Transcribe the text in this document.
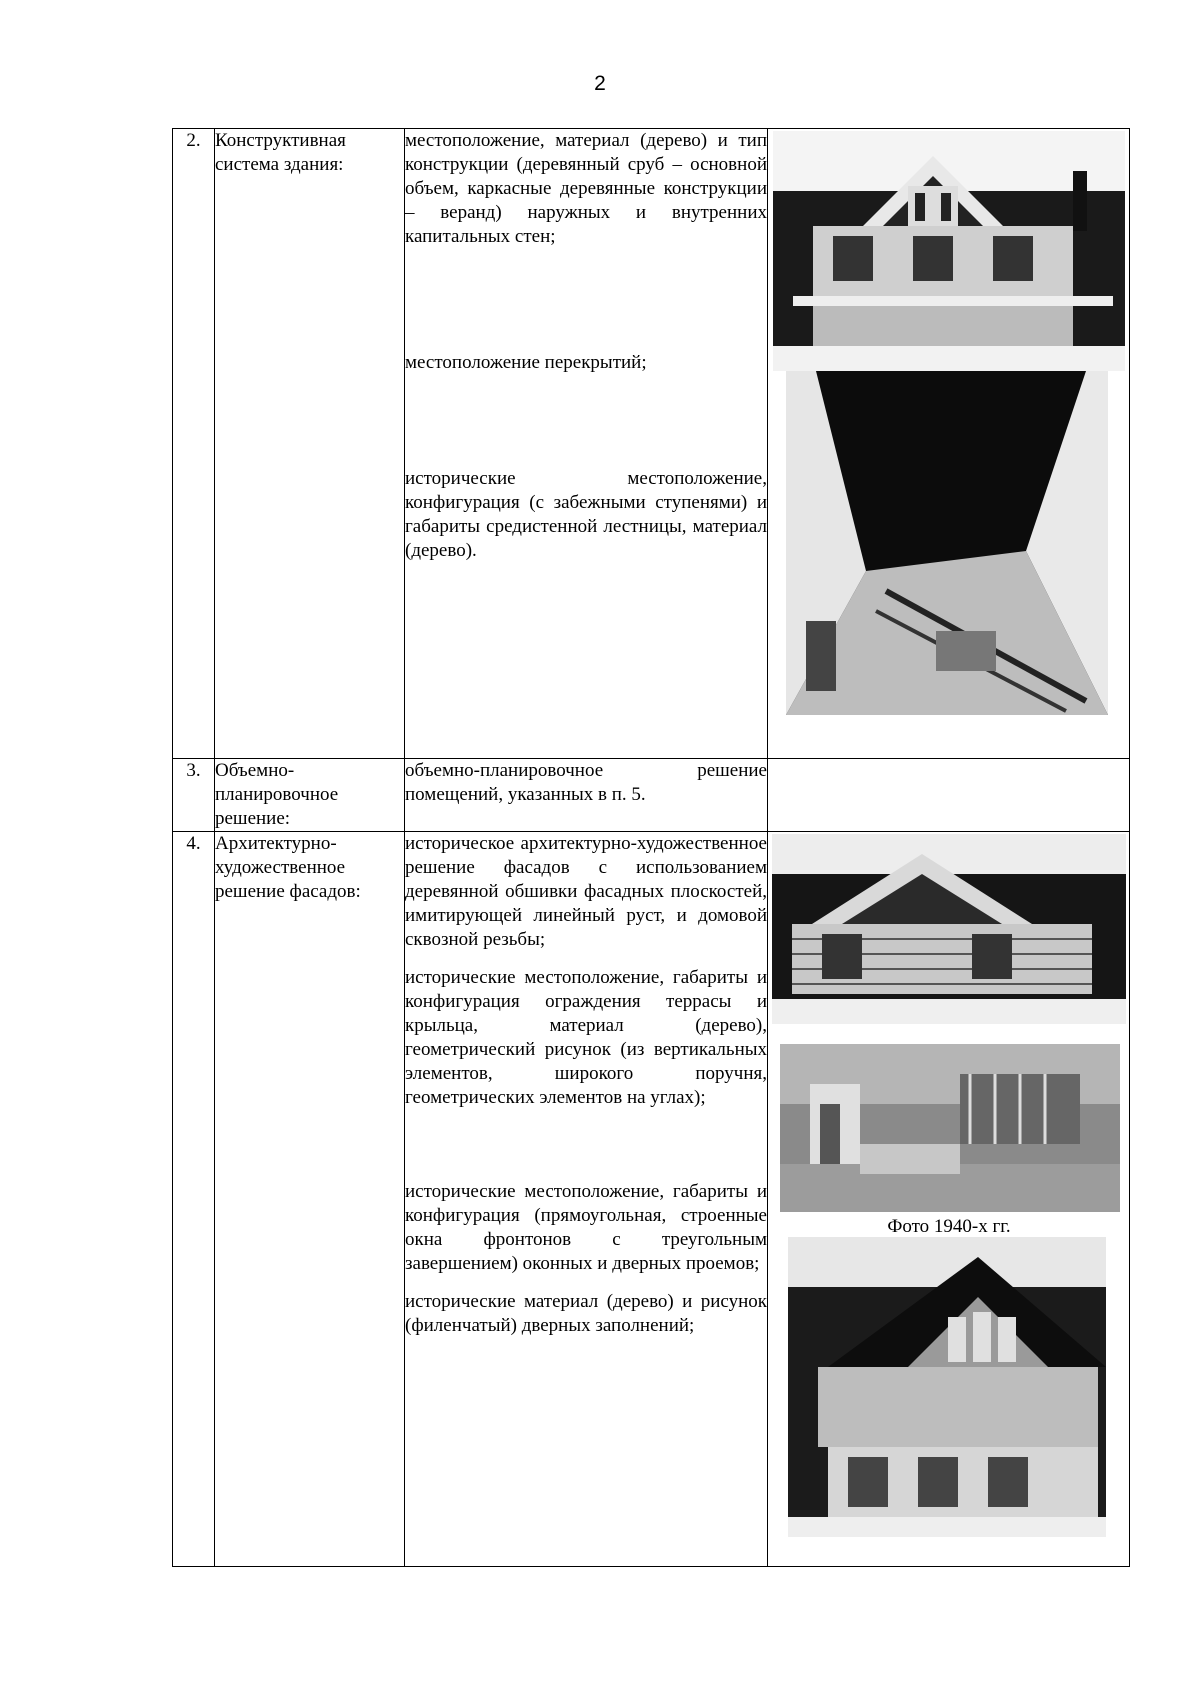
2
2.	Конструктивная система здания:	местоположение, материал (дерево) и тип конструкции (деревянный сруб – основной объем, каркасные деревянные конструкции – веранд) наружных и внутренних капитальных стен;
местоположение перекрытий;
исторические местоположение, конфигурация (с забежными ступенями) и габариты средистенной лестницы, материал (дерево).

3.	Объемно-планировочное решение:	объемно-планировочное решение помещений, указанных в п. 5.	

4.	Архитектурно-художественное решение фасадов:	историческое архитектурно-художественное решение фасадов с использованием деревянной обшивки фасадных плоскостей, имитирующей линейный руст, и домовой сквозной резьбы;
исторические местоположение, габариты и конфигурация ограждения террасы и крыльца, материал (дерево), геометрический рисунок (из вертикальных элементов, широкого поручня, геометрических элементов на углах);
исторические местоположение, габариты и конфигурация (прямоугольная, строенные окна фронтонов с треугольным завершением) оконных и дверных проемов;
исторические материал (дерево) и рисунок (филенчатый) дверных заполнений;	Фото 1940-х гг.
